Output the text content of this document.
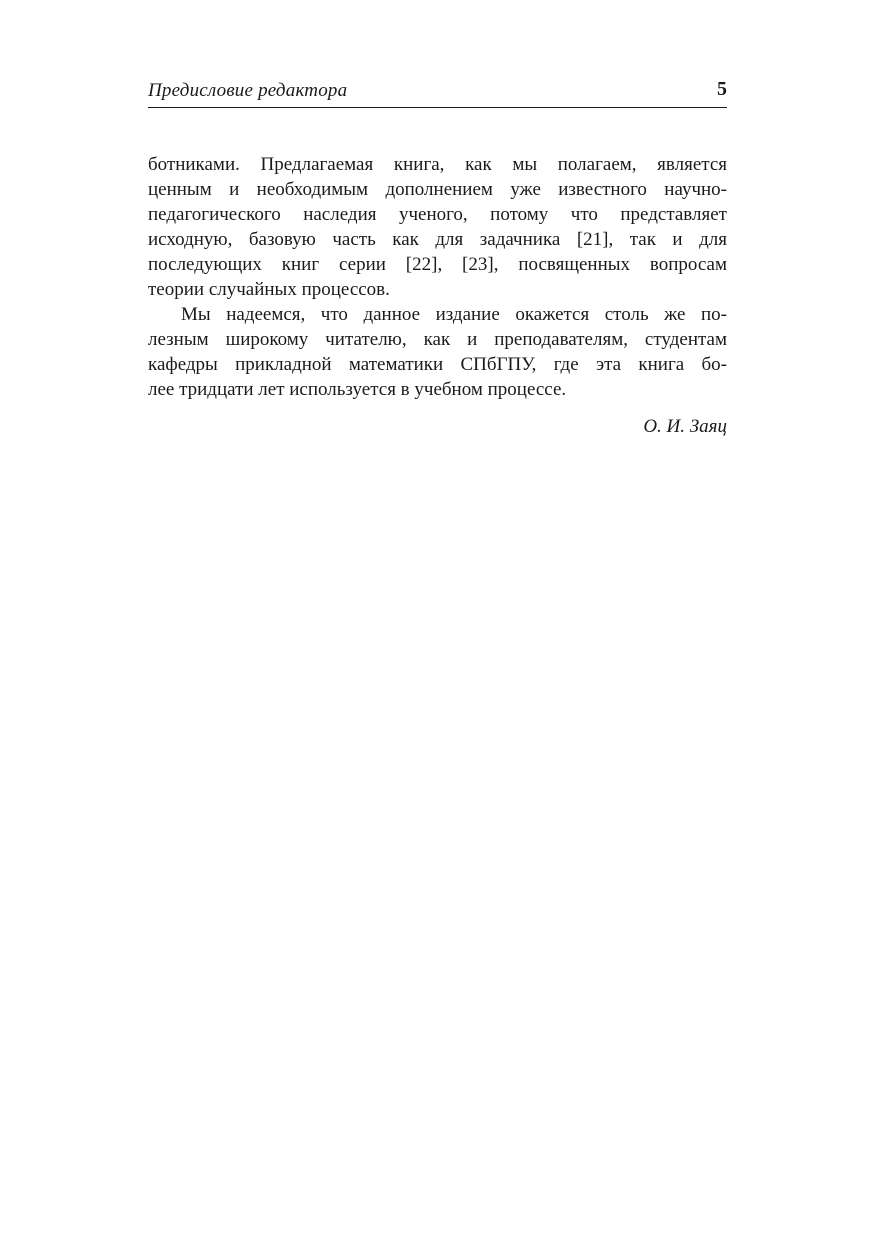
Предисловие редактора	5
ботниками. Предлагаемая книга, как мы полагаем, является
ценным и необходимым дополнением уже известного научно-
педагогического наследия ученого, потому что представляет
исходную, базовую часть как для задачника [21], так и для
последующих книг серии [22], [23], посвященных вопросам
теории случайных процессов.
Мы надеемся, что данное издание окажется столь же по-
лезным широкому читателю, как и преподавателям, студентам
кафедры прикладной математики СПбГПУ, где эта книга бо-
лее тридцати лет используется в учебном процессе.
О. И. Заяц
